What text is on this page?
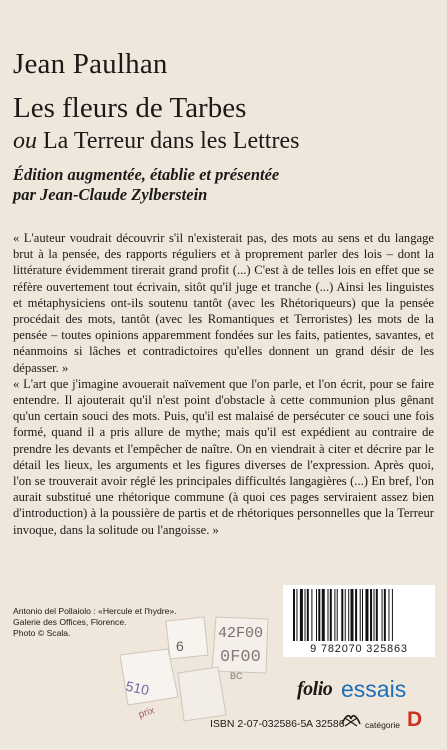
Jean Paulhan
Les fleurs de Tarbes
ou La Terreur dans les Lettres
Édition augmentée, établie et présentée
par Jean-Claude Zylberstein

« L'auteur voudrait découvrir s'il n'existerait pas, des mots au sens et du langage brut à la pensée, des rapports réguliers et à proprement parler des lois – dont la littérature évidemment tirerait grand profit (...) C'est à de telles lois en effet que se réfère ouvertement tout écrivain, sitôt qu'il juge et tranche (...) Ainsi les linguistes et métaphysiciens ont-ils soutenu tantôt (avec les Rhétoriqueurs) que la pensée procédait des mots, tantôt (avec les Romantiques et Terroristes) les mots de la pensée – toutes opinions apparemment fondées sur les faits, patientes, savantes, et néanmoins si lâches et contradictoires qu'elles donnent un grand désir de les dépasser. »

« L'art que j'imagine avouerait naïvement que l'on parle, et l'on écrit, pour se faire entendre. Il ajouterait qu'il n'est point d'obstacle à cette communion plus gênant qu'un certain souci des mots. Puis, qu'il est malaisé de persécuter ce souci une fois formé, quand il a pris allure de mythe; mais qu'il est expédient au contraire de prendre les devants et l'empêcher de naître. On en viendrait à citer et décrire par le détail les lieux, les arguments et les figures diverses de l'expression. Après quoi, l'on se trouverait avoir réglé les principales difficultés langagières (...) En bref, l'on aurait substitué une rhétorique commune (à quoi ces pages serviraient assez bien d'introduction) à la poussière de partis et de rhétoriques personnelles que la Terreur invoque, dans la solitude ou l'angoisse. »

Antonio del Pollaiolo : «Hercule et l'hydre».
Galerie des Offices, Florence.
Photo © Scala.
6
42F00
0F00
BC
510
prix
9 782070 325863
folio essais
ISBN 2-07-032586-5 A 32586 catégorie D
